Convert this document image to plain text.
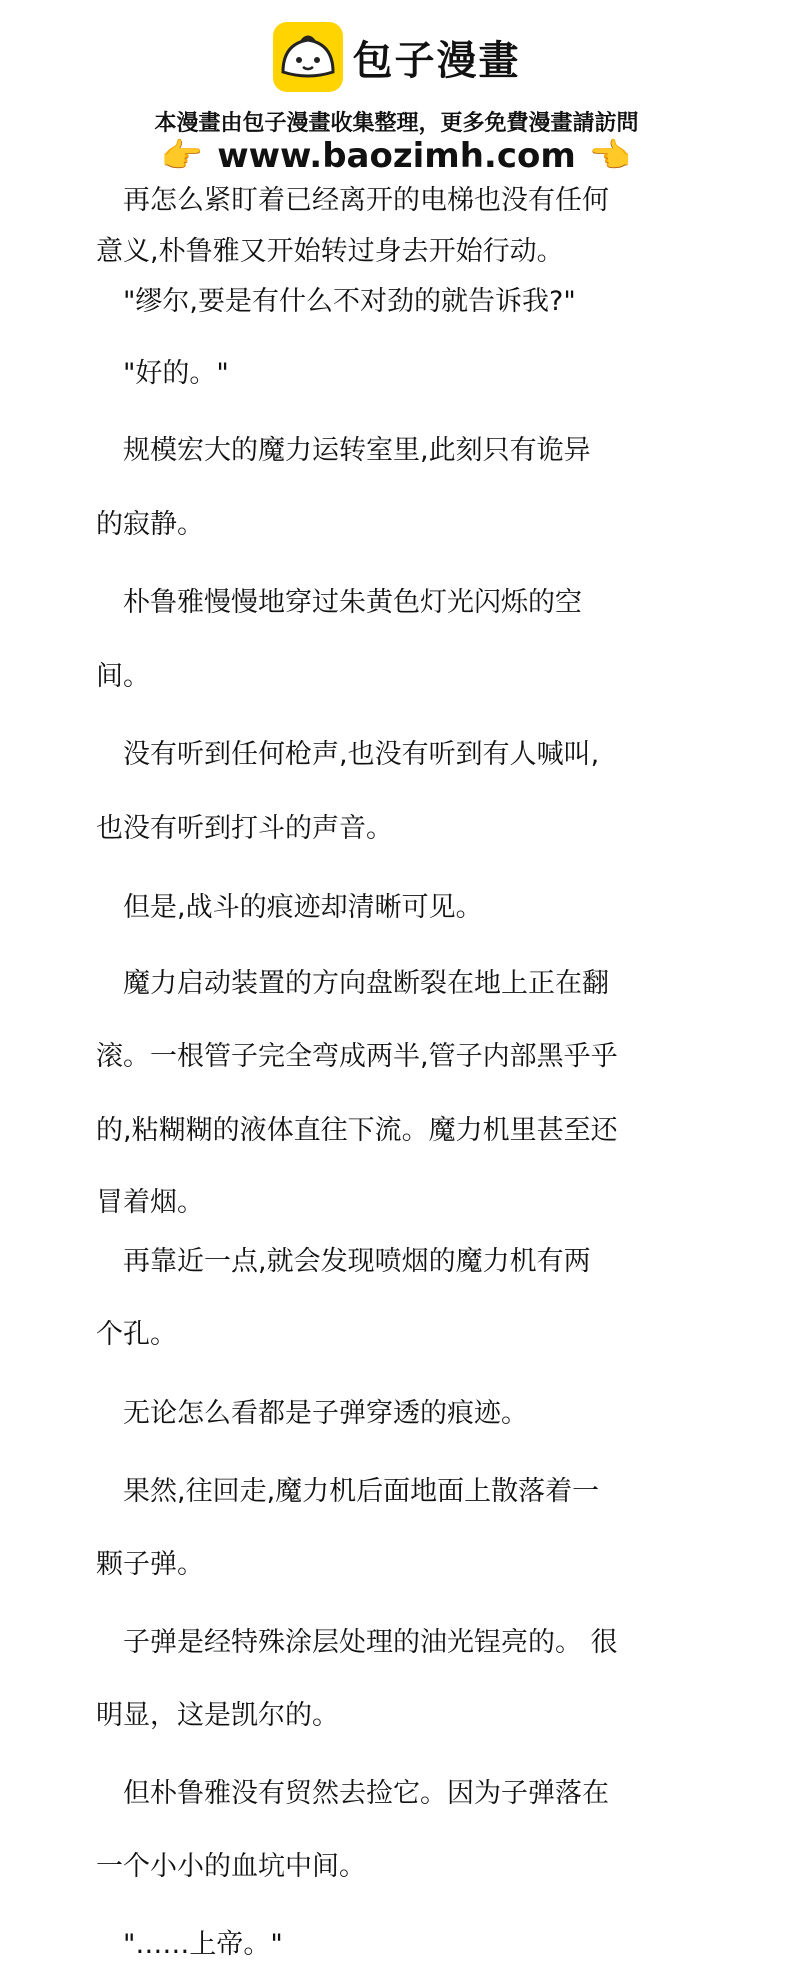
包子漫畫
本漫畫由包子漫畫收集整理，更多免費漫畫請訪問
👉 www.baozimh.com 👉
　再怎么紧盯着已经离开的电梯也没有任何
意义,朴鲁雅又开始转过身去开始行动。
　"缪尔,要是有什么不对劲的就告诉我?"
　"好的。"
　规模宏大的魔力运转室里,此刻只有诡异
的寂静。
　朴鲁雅慢慢地穿过朱黄色灯光闪烁的空
间。
　没有听到任何枪声,也没有听到有人喊叫,
也没有听到打斗的声音。
　但是,战斗的痕迹却清晰可见。
　魔力启动装置的方向盘断裂在地上正在翻
滚。一根管子完全弯成两半,管子内部黑乎乎
的,粘糊糊的液体直往下流。魔力机里甚至还
冒着烟。
　再靠近一点,就会发现喷烟的魔力机有两
个孔。
　无论怎么看都是子弹穿透的痕迹。
　果然,往回走,魔力机后面地面上散落着一
颗子弹。
　子弹是经特殊涂层处理的油光锃亮的。 很
明显，这是凯尔的。
　但朴鲁雅没有贸然去捡它。因为子弹落在
一个小小的血坑中间。
　"……上帝。"
